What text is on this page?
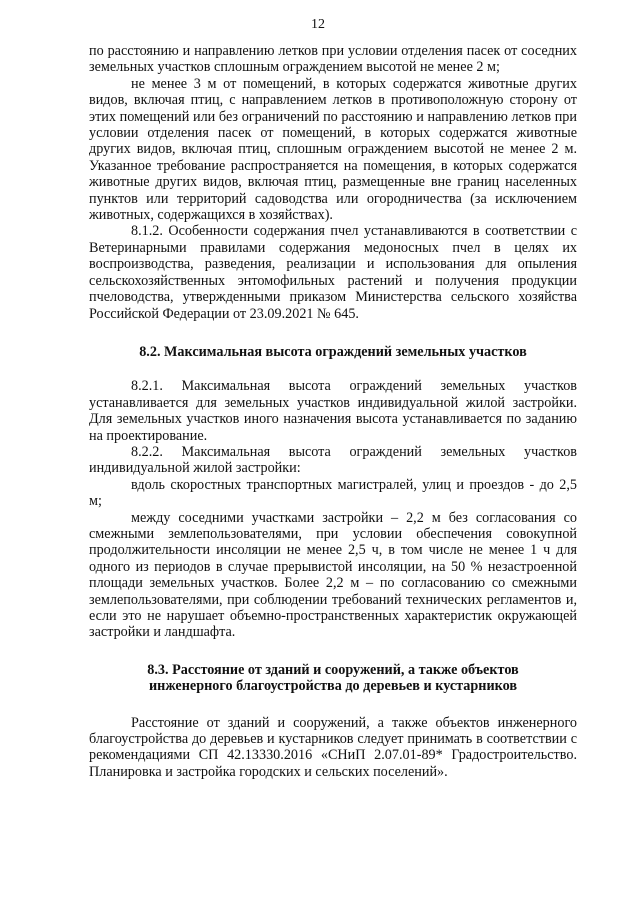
12

по расстоянию и направлению летков при условии отделения пасек от соседних земельных участков сплошным ограждением высотой не менее 2 м;

не менее 3 м от помещений, в которых содержатся животные других видов, включая птиц, с направлением летков в противоположную сторону от этих помещений или без ограничений по расстоянию и направлению летков при условии отделения пасек от помещений, в которых содержатся животные других видов, включая птиц, сплошным ограждением высотой не менее 2 м. Указанное требование распространяется на помещения, в которых содержатся животные других видов, включая птиц, размещенные вне границ населенных пунктов или территорий садоводства или огородничества (за исключением животных, содержащихся в хозяйствах).

8.1.2. Особенности содержания пчел устанавливаются в соответствии с Ветеринарными правилами содержания медоносных пчел в целях их воспроизводства, разведения, реализации и использования для опыления сельскохозяйственных энтомофильных растений и получения продукции пчеловодства, утвержденными приказом Министерства сельского хозяйства Российской Федерации от 23.09.2021 № 645.

8.2. Максимальная высота ограждений земельных участков

8.2.1. Максимальная высота ограждений земельных участков устанавливается для земельных участков индивидуальной жилой застройки. Для земельных участков иного назначения высота устанавливается по заданию на проектирование.

8.2.2. Максимальная высота ограждений земельных участков индивидуальной жилой застройки:

вдоль скоростных транспортных магистралей, улиц и проездов - до 2,5 м;

между соседними участками застройки – 2,2 м без согласования со смежными землепользователями, при условии обеспечения совокупной продолжительности инсоляции не менее 2,5 ч, в том числе не менее 1 ч для одного из периодов в случае прерывистой инсоляции, на 50 % незастроенной площади земельных участков. Более 2,2 м – по согласованию со смежными землепользователями, при соблюдении требований технических регламентов и, если это не нарушает объемно-пространственных характеристик окружающей застройки и ландшафта.

8.3. Расстояние от зданий и сооружений, а также объектов
инженерного благоустройства до деревьев и кустарников

Расстояние от зданий и сооружений, а также объектов инженерного благоустройства до деревьев и кустарников следует принимать в соответствии с рекомендациями СП 42.13330.2016 «СНиП 2.07.01-89* Градостроительство. Планировка и застройка городских и сельских поселений».
